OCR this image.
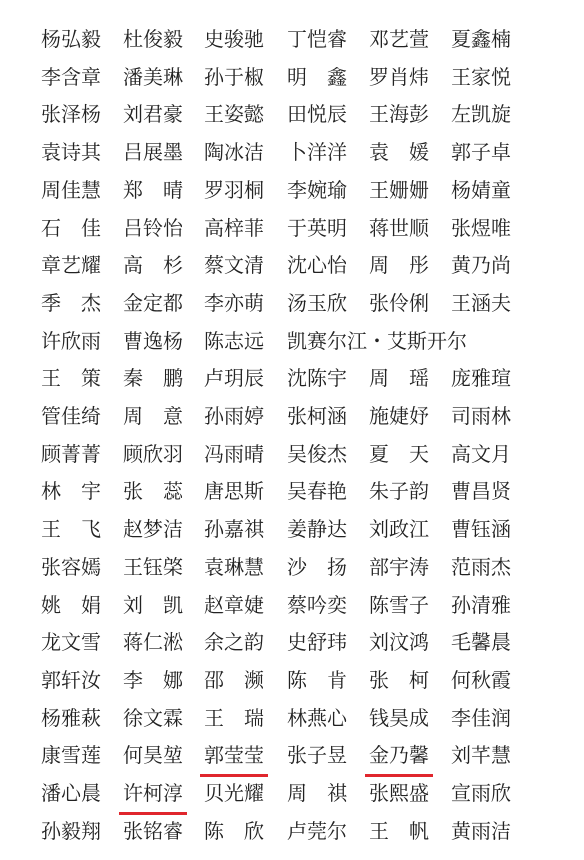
杨弘毅 杜俊毅 史骏驰 丁恺睿 邓艺萱 夏鑫楠
李含章 潘美琳 孙于椒 明　鑫 罗肖炜 王家悦
张泽杨 刘君豪 王姿懿 田悦辰 王海彭 左凯旋
袁诗其 吕展墨 陶冰洁 卜洋洋 袁　媛 郭子卓
周佳慧 郑　晴 罗羽桐 李婉瑜 王姗姗 杨婧童
石　佳 吕铃怡 高梓菲 于英明 蒋世顺 张煜唯
章艺耀 高　杉 蔡文清 沈心怡 周　彤 黄乃尚
季　杰 金定都 李亦萌 汤玉欣 张伶俐 王涵夫
许欣雨 曹逸杨 陈志远 凯赛尔江・艾斯开尔
王　策 秦　鹏 卢玥辰 沈陈宇 周　瑶 庞雅瑄
管佳绮 周　意 孙雨婷 张柯涵 施婕妤 司雨林
顾菁菁 顾欣羽 冯雨晴 吴俊杰 夏　天 高文月
林　宇 张　蕊 唐思斯 吴春艳 朱子韵 曹昌贤
王　飞 赵梦洁 孙嘉祺 姜静达 刘政江 曹钰涵
张容嫣 王钰棨 袁琳慧 沙　扬 部宇涛 范雨杰
姚　娟 刘　凯 赵章婕 蔡吟奕 陈雪子 孙清雅
龙文雪 蒋仁淞 余之韵 史舒玮 刘汶鸿 毛馨晨
郭轩汝 李　娜 邵　濒 陈　肯 张　柯 何秋霞
杨雅萩 徐文霖 王　瑞 林燕心 钱昊成 李佳润
康雪莲 何昊堃 郭莹莹 张子昱 金乃馨 刘芊慧
潘心晨 许柯淳 贝光耀 周　祺 张熙盛 宣雨欣
孙毅翔 张铭睿 陈　欣 卢莞尔 王　帆 黄雨洁
